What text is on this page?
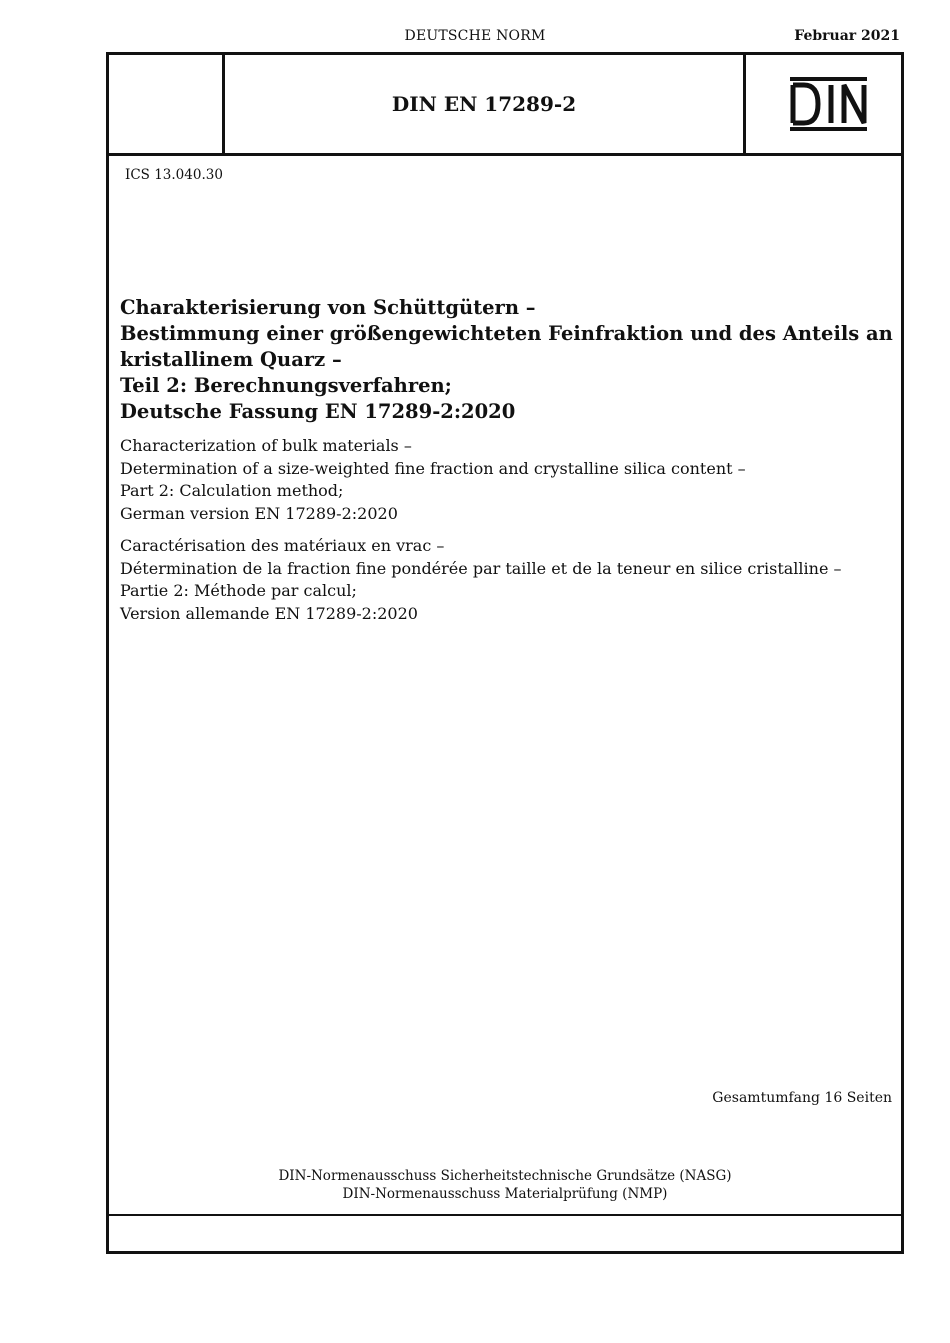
DEUTSCHE NORM	Februar 2021
DIN EN 17289-2	DIN
ICS 13.040.30
Charakterisierung von Schüttgütern –
Bestimmung einer größengewichteten Feinfraktion und des Anteils an
kristallinem Quarz –
Teil 2: Berechnungsverfahren;
Deutsche Fassung EN 17289-2:2020
Characterization of bulk materials –
Determination of a size-weighted fine fraction and crystalline silica content –
Part 2: Calculation method;
German version EN 17289-2:2020
Caractérisation des matériaux en vrac –
Détermination de la fraction fine pondérée par taille et de la teneur en silice cristalline –
Partie 2: Méthode par calcul;
Version allemande EN 17289-2:2020
Gesamtumfang 16 Seiten
DIN-Normenausschuss Sicherheitstechnische Grundsätze (NASG)
DIN-Normenausschuss Materialprüfung (NMP)
